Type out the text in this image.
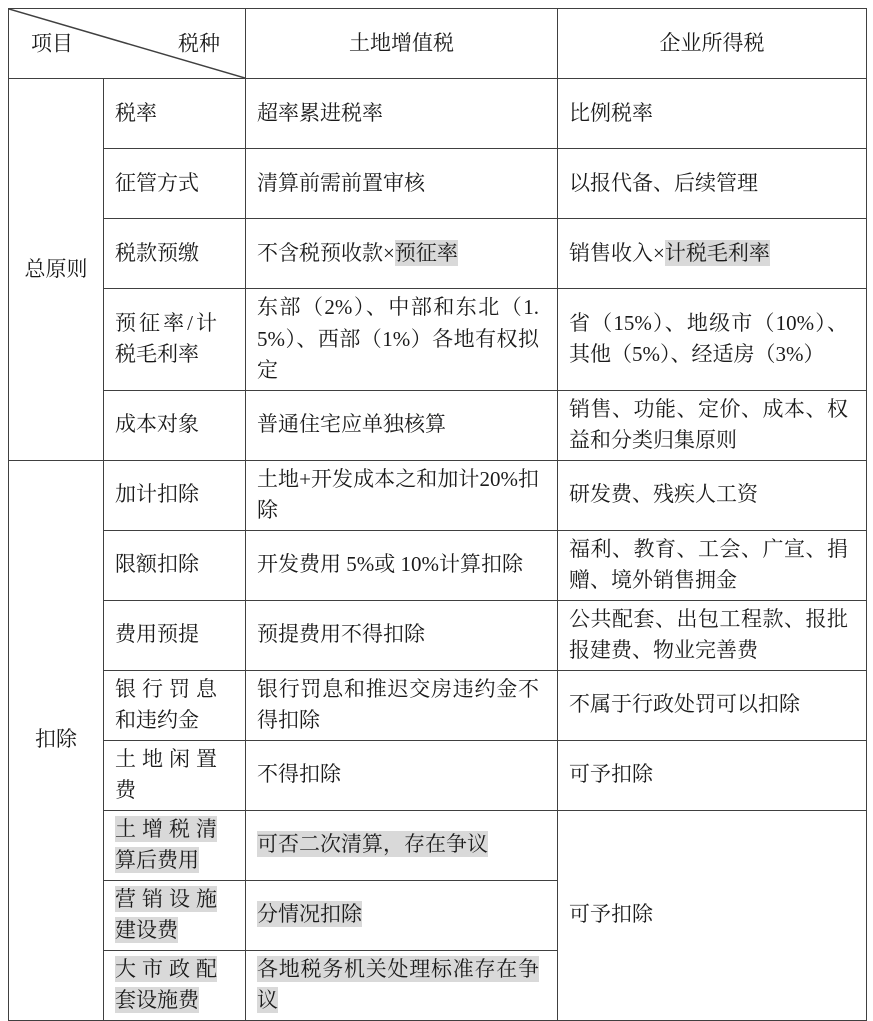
税种
项目		土地增值税	企业所得税
总原则	税率	超率累进税率	比例税率
	征管方式	清算前需前置审核	以报代备、后续管理
	税款预缴	不含税预收款×预征率	销售收入×计税毛利率
	预征率/计税毛利率	东部（2%）、中部和东北（1.5%）、西部（1%）各地有权拟定	省（15%）、地级市（10%）、其他（5%）、经适房（3%）
	成本对象	普通住宅应单独核算	销售、功能、定价、成本、权益和分类归集原则
扣除	加计扣除	土地+开发成本之和加计20%扣除	研发费、残疾人工资
	限额扣除	开发费用 5%或 10%计算扣除	福利、教育、工会、广宣、捐赠、境外销售拥金
	费用预提	预提费用不得扣除	公共配套、出包工程款、报批报建费、物业完善费
	银行罚息和违约金	银行罚息和推迟交房违约金不得扣除	不属于行政处罚可以扣除
	土地闲置费	不得扣除	可予扣除
	土增税清算后费用	可否二次清算，存在争议	可予扣除
	营销设施建设费	分情况扣除	
	大市政配套设施费	各地税务机关处理标准存在争议	
